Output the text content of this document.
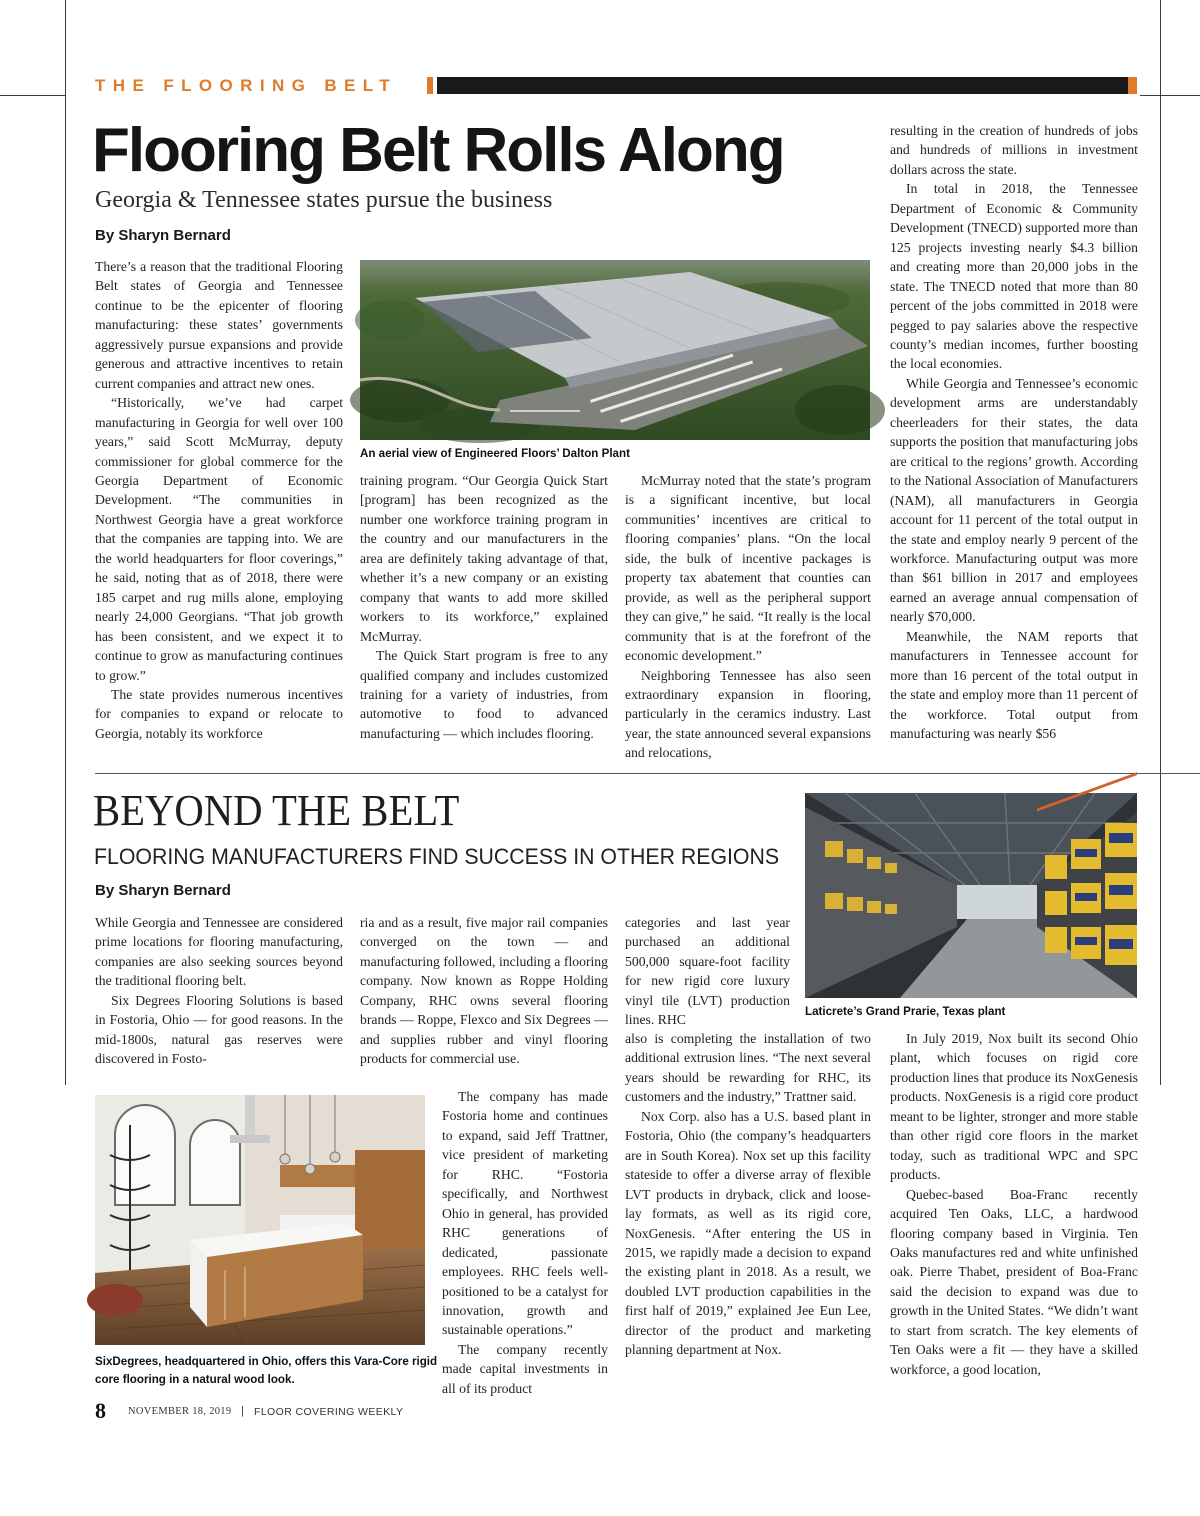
THE FLOORING BELT
Flooring Belt Rolls Along
Georgia & Tennessee states pursue the business
By Sharyn Bernard

There’s a reason that the traditional Flooring Belt states of Georgia and Tennessee continue to be the epicenter of flooring manufacturing: these states’ governments aggressively pursue expansions and provide generous and attractive incentives to retain current companies and attract new ones.

“Historically, we’ve had carpet manufacturing in Georgia for well over 100 years,” said Scott McMurray, deputy commissioner for global commerce for the Georgia Department of Economic Development. “The communities in Northwest Georgia have a great workforce that the companies are tapping into. We are the world headquarters for floor coverings,” he said, noting that as of 2018, there were 185 carpet and rug mills alone, employing nearly 24,000 Georgians. “That job growth has been consistent, and we expect it to continue to grow as manufacturing continues to grow.”

The state provides numerous incentives for companies to expand or relocate to Georgia, notably its workforce

An aerial view of Engineered Floors’ Dalton Plant

training program. “Our Georgia Quick Start [program] has been recognized as the number one workforce training program in the country and our manufacturers in the area are definitely taking advantage of that, whether it’s a new company or an existing company that wants to add more skilled workers to its workforce,” explained McMurray.

The Quick Start program is free to any qualified company and includes customized training for a variety of industries, from automotive to food to advanced manufacturing — which includes flooring.

McMurray noted that the state’s program is a significant incentive, but local communities’ incentives are critical to flooring companies’ plans. “On the local side, the bulk of incentive packages is property tax abatement that counties can provide, as well as the peripheral support they can give,” he said. “It really is the local community that is at the forefront of the economic development.”

Neighboring Tennessee has also seen extraordinary expansion in flooring, particularly in the ceramics industry. Last year, the state announced several expansions and relocations,

resulting in the creation of hundreds of jobs and hundreds of millions in investment dollars across the state.

In total in 2018, the Tennessee Department of Economic & Community Development (TNECD) supported more than 125 projects investing nearly $4.3 billion and creating more than 20,000 jobs in the state. The TNECD noted that more than 80 percent of the jobs committed in 2018 were pegged to pay salaries above the respective county’s median incomes, further boosting the local economies.

While Georgia and Tennessee’s economic development arms are understandably cheerleaders for their states, the data supports the position that manufacturing jobs are critical to the regions’ growth. According to the National Association of Manufacturers (NAM), all manufacturers in Georgia account for 11 percent of the total output in the state and employ nearly 9 percent of the workforce. Manufacturing output was more than $61 billion in 2017 and employees earned an average annual compensation of nearly $70,000.

Meanwhile, the NAM reports that manufacturers in Tennessee account for more than 16 percent of the total output in the state and employ more than 11 percent of the workforce. Total output from manufacturing was nearly $56

BEYOND THE BELT
FLOORING MANUFACTURERS FIND SUCCESS IN OTHER REGIONS
By Sharyn Bernard
Laticrete’s Grand Prarie, Texas plant

While Georgia and Tennessee are considered prime locations for flooring manufacturing, companies are also seeking sources beyond the traditional flooring belt.

Six Degrees Flooring Solutions is based in Fostoria, Ohio — for good reasons. In the mid-1800s, natural gas reserves were discovered in Fosto-

ria and as a result, five major rail companies converged on the town — and manufacturing followed, including a flooring company. Now known as Roppe Holding Company, RHC owns several flooring brands — Roppe, Flexco and Six Degrees — and supplies rubber and vinyl flooring products for commercial use.

SixDegrees, headquartered in Ohio, offers this Vara-Core rigid core flooring in a natural wood look.

The company has made Fostoria home and continues to expand, said Jeff Trattner, vice president of marketing for RHC. “Fostoria specifically, and Northwest Ohio in general, has provided RHC generations of dedicated, passionate employees. RHC feels well-positioned to be a catalyst for innovation, growth and sustainable operations.”

The company recently made capital investments in all of its product

categories and last year purchased an additional 500,000 square-foot facility for new rigid core luxury vinyl tile (LVT) production lines. RHC

also is completing the installation of two additional extrusion lines. “The next several years should be rewarding for RHC, its customers and the industry,” Trattner said.

Nox Corp. also has a U.S. based plant in Fostoria, Ohio (the company’s headquarters are in South Korea). Nox set up this facility stateside to offer a diverse array of flexible LVT products in dryback, click and loose-lay formats, as well as its rigid core, NoxGenesis. “After entering the US in 2015, we rapidly made a decision to expand the existing plant in 2018. As a result, we doubled LVT production capabilities in the first half of 2019,” explained Jee Eun Lee, director of the product and marketing planning department at Nox.

In July 2019, Nox built its second Ohio plant, which focuses on rigid core production lines that produce its NoxGenesis products. NoxGenesis is a rigid core product meant to be lighter, stronger and more stable than other rigid core floors in the market today, such as traditional WPC and SPC products.

Quebec-based Boa-Franc recently acquired Ten Oaks, LLC, a hardwood flooring company based in Virginia. Ten Oaks manufactures red and white unfinished oak. Pierre Thabet, president of Boa-Franc said the decision to expand was due to growth in the United States. “We didn’t want to start from scratch. The key elements of Ten Oaks were a fit — they have a skilled workforce, a good location,

8 NOVEMBER 18, 2019 | FLOOR COVERING WEEKLY
